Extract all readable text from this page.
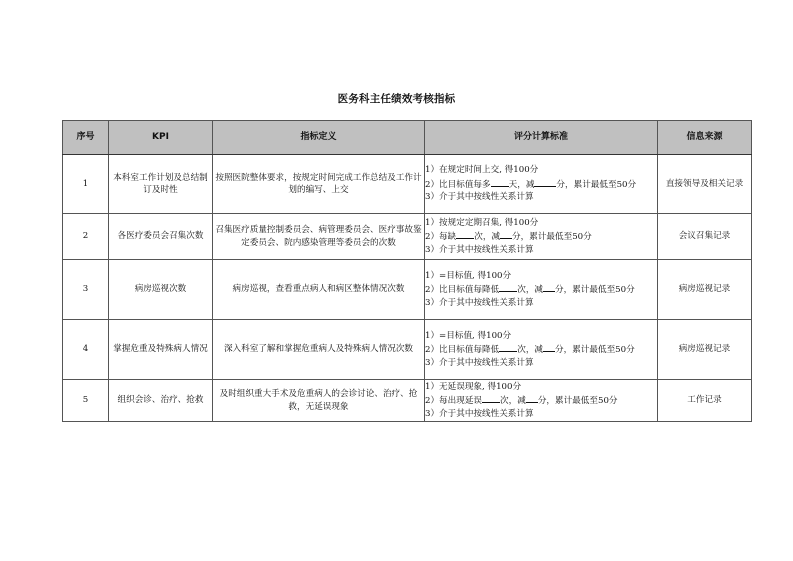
医务科主任绩效考核指标
序号	KPI	指标定义	评分计算标准	信息来源
1	本科室工作计划及总结制订及时性	按照医院整体要求，按规定时间完成工作总结及工作计划的编写、上交	1）在规定时间上交, 得100分
2）比目标值每多 天，减 分，累计最低至50分
3）介于其中按线性关系计算	直接领导及相关记录
2	各医疗委员会召集次数	召集医疗质量控制委员会、病管理委员会、医疗事故鉴定委员会、院内感染管理等委员会的次数	1）按规定定期召集, 得100分
2）每缺 次，减 分，累计最低至50分
3）介于其中按线性关系计算	会议召集记录
3	病房巡视次数	病房巡视，查看重点病人和病区整体情况次数	1）=目标值, 得100分
2）比目标值每降低 次，减 分，累计最低至50分
3）介于其中按线性关系计算	病房巡视记录
4	掌握危重及特殊病人情况	深入科室了解和掌握危重病人及特殊病人情况次数	1）=目标值, 得100分
2）比目标值每降低 次，减 分，累计最低至50分
3）介于其中按线性关系计算	病房巡视记录
5	组织会诊、治疗、抢救	及时组织重大手术及危重病人的会诊讨论、治疗、抢救，无延误现象	1）无延误现象, 得100分
2）每出现延误 次，减 分，累计最低至50分
3）介于其中按线性关系计算	工作记录
